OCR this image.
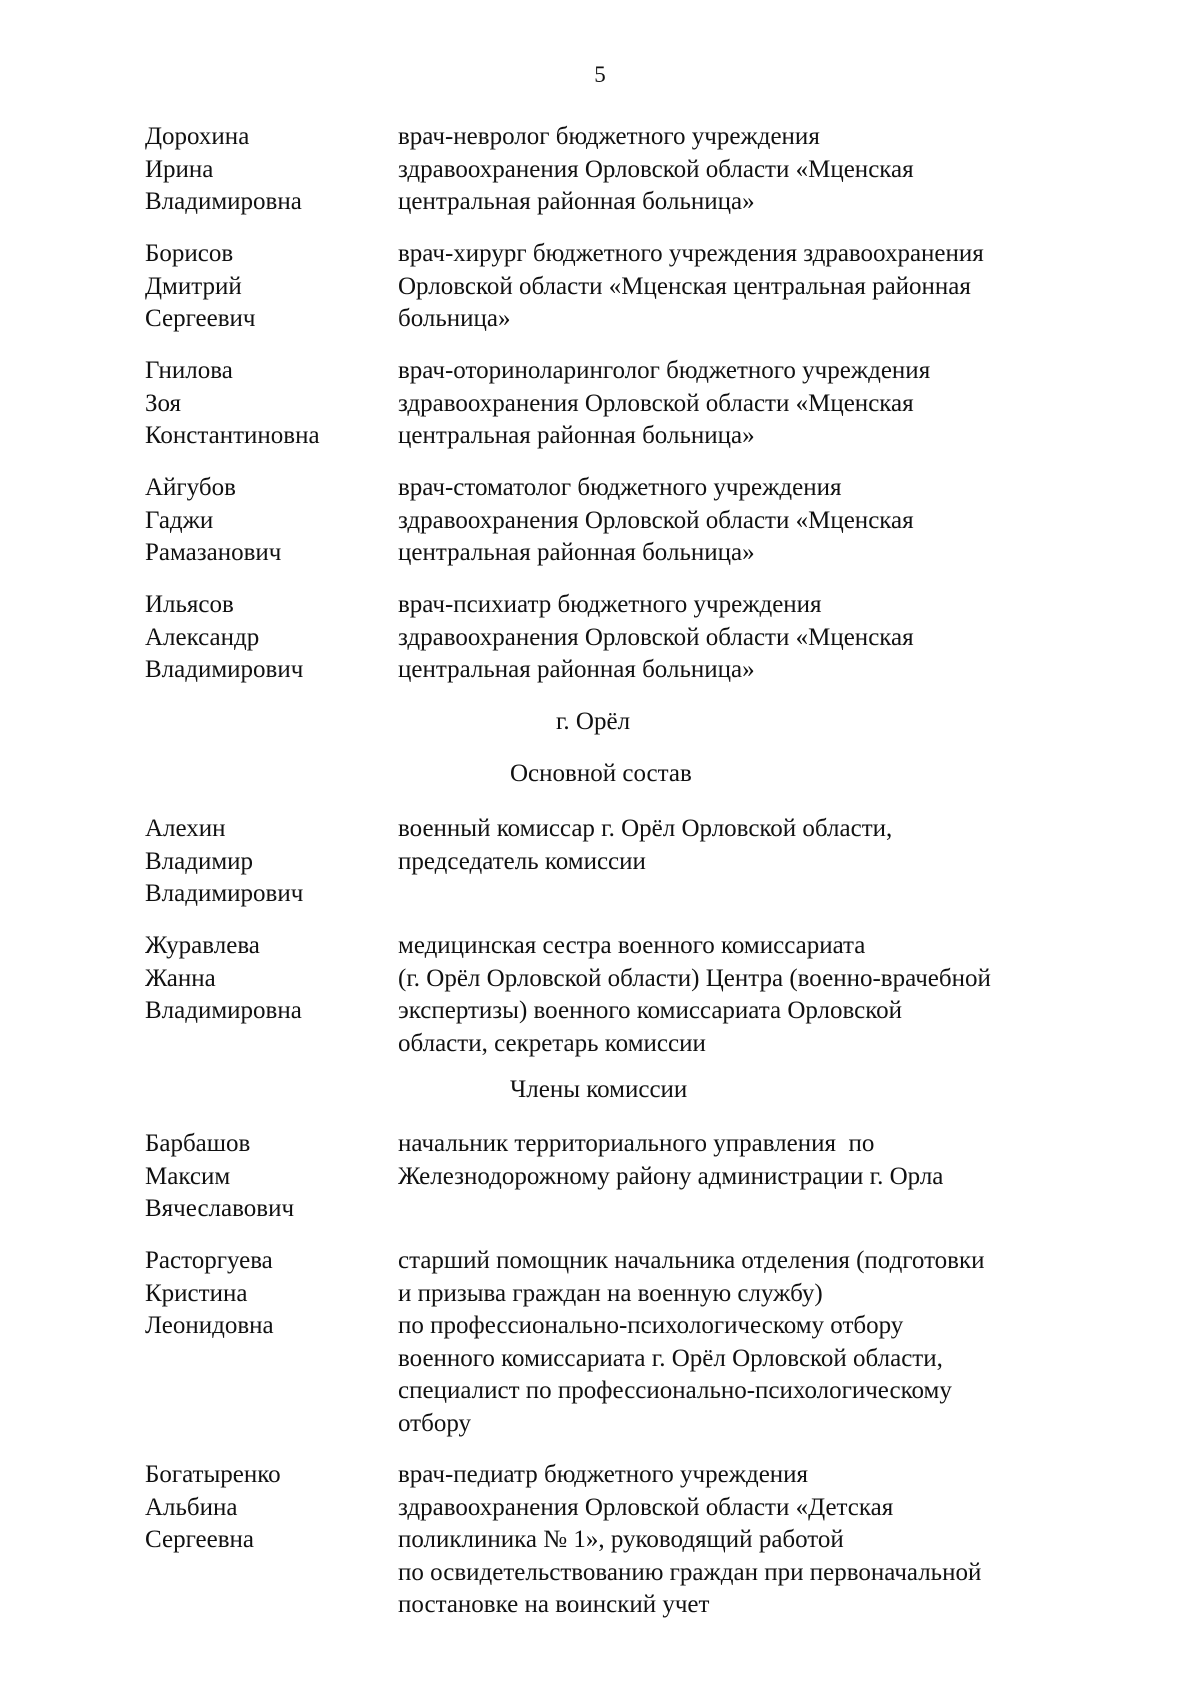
5
Дорохина
Ирина
Владимировна
врач-невролог бюджетного учреждения
здравоохранения Орловской области «Мценская
центральная районная больница»
Борисов
Дмитрий
Сергеевич
врач-хирург бюджетного учреждения здравоохранения
Орловской области «Мценская центральная районная
больница»
Гнилова
Зоя
Константиновна
врач-оториноларинголог бюджетного учреждения
здравоохранения Орловской области «Мценская
центральная районная больница»
Айгубов
Гаджи
Рамазанович
врач-стоматолог бюджетного учреждения
здравоохранения Орловской области «Мценская
центральная районная больница»
Ильясов
Александр
Владимирович
врач-психиатр бюджетного учреждения
здравоохранения Орловской области «Мценская
центральная районная больница»
г. Орёл
Основной состав
Алехин
Владимир
Владимирович
военный комиссар г. Орёл Орловской области,
председатель комиссии
Журавлева
Жанна
Владимировна
медицинская сестра военного комиссариата
(г. Орёл Орловской области) Центра (военно-врачебной
экспертизы) военного комиссариата Орловской
области, секретарь комиссии
Члены комиссии
Барбашов
Максим
Вячеславович
начальник территориального управления  по
Железнодорожному району администрации г. Орла
Расторгуева
Кристина
Леонидовна
старший помощник начальника отделения (подготовки
и призыва граждан на военную службу)
по профессионально-психологическому отбору
военного комиссариата г. Орёл Орловской области,
специалист по профессионально-психологическому
отбору
Богатыренко
Альбина
Сергеевна
врач-педиатр бюджетного учреждения
здравоохранения Орловской области «Детская
поликлиника № 1», руководящий работой
по освидетельствованию граждан при первоначальной
постановке на воинский учет
